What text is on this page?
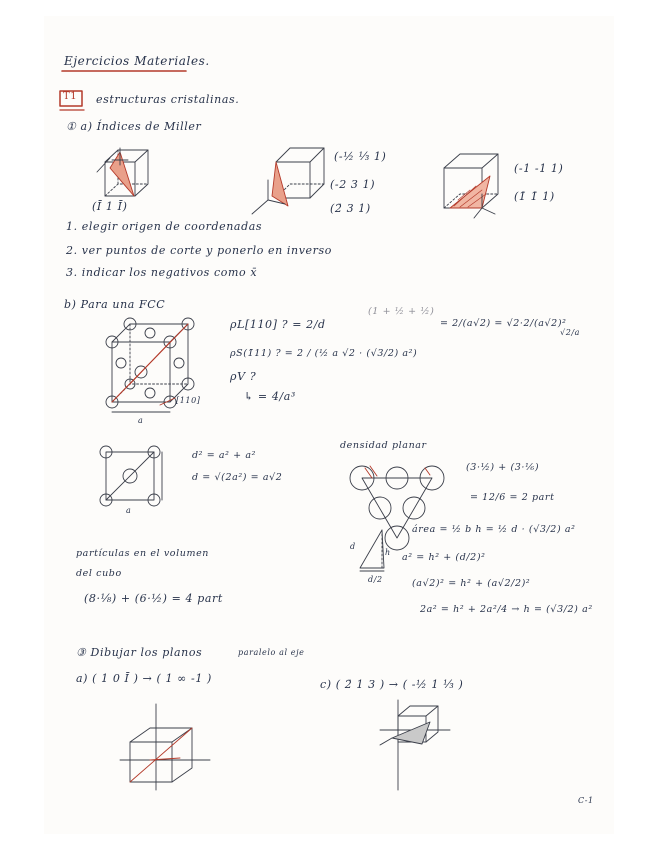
Ejercicios Materiales.
T1 estructuras cristalinas.
① a) Índices de Miller
(Ī 1 Ī)
(-½ ⅓ 1)
(-2 3 1)
(2̄ 3 1)
(-1 -1 1)
(1̄ 1̄ 1)
1. elegir origen de coordenadas
2. ver puntos de corte y ponerlo en inverso
3. indicar los negativos como x̄
b) Para una FCC
ρL[110] ? = 2/d
(1 + ½ + ½)
= 2/(a√2) = √2·2/(a√2)²
√2/a
ρS(1̄11) ? = 2 / (½ a √2 · (√3/2) a²)
ρV ?
↳ = 4/a³
[110]
a
d² = a² + a²
d = √(2a²) = a√2
a
densidad planar
(3·½) + (3·⅙)
= 12/6 = 2 part
área = ½ b h = ½ d · (√3/2) a²
partículas en el volumen
del cubo
(8·⅛) + (6·½) = 4 part
d
d/2
h a² = h² + (d/2)²
(a√2)² = h² + (a√2/2)²
2a² = h² + 2a²/4 → h = (√3/2) a²
③ Dibujar los planos	paralelo al eje
a) ( 1 0 Ī ) → ( 1 ∞ -1 )	c) ( 2̄ 1 3 ) → ( -½ 1 ⅓ )
C-1
